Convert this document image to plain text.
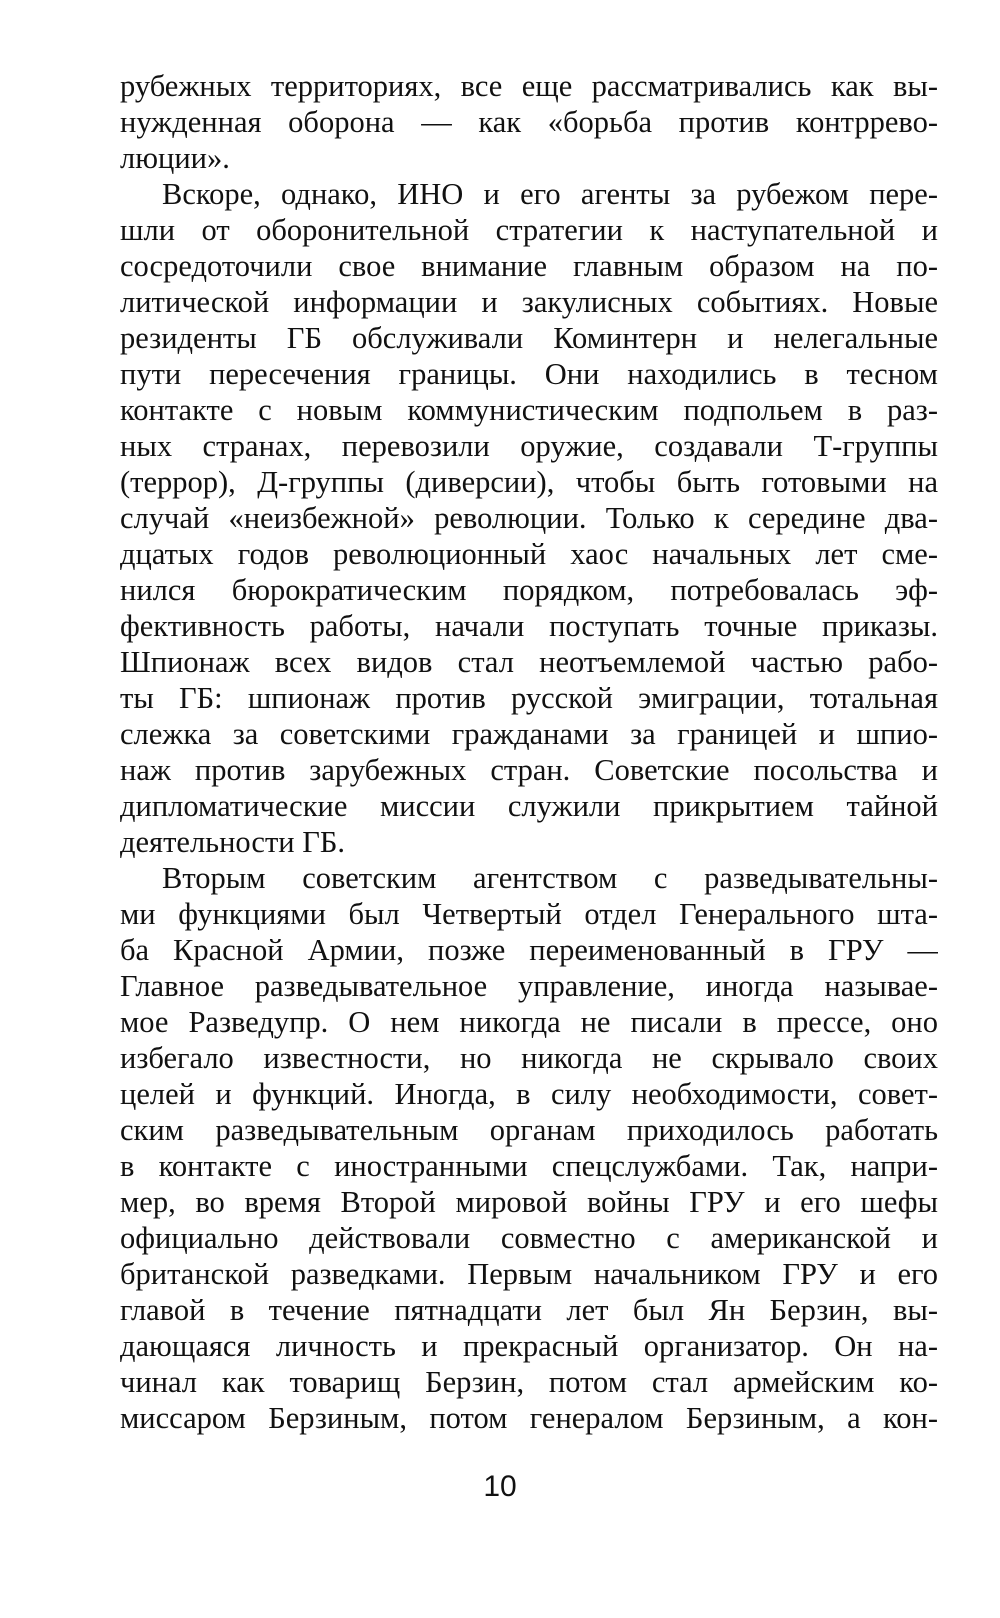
рубежных территориях, все еще рассматривались как вы-
нужденная оборона — как «борьба против контррево-
люции».
Вскоре, однако, ИНО и его агенты за рубежом пере-
шли от оборонительной стратегии к наступательной и
сосредоточили свое внимание главным образом на по-
литической информации и закулисных событиях. Новые
резиденты ГБ обслуживали Коминтерн и нелегальные
пути пересечения границы. Они находились в тесном
контакте с новым коммунистическим подпольем в раз-
ных странах, перевозили оружие, создавали Т-группы
(террор), Д-группы (диверсии), чтобы быть готовыми на
случай «неизбежной» революции. Только к середине два-
дцатых годов революционный хаос начальных лет сме-
нился бюрократическим порядком, потребовалась эф-
фективность работы, начали поступать точные приказы.
Шпионаж всех видов стал неотъемлемой частью рабо-
ты ГБ: шпионаж против русской эмиграции, тотальная
слежка за советскими гражданами за границей и шпио-
наж против зарубежных стран. Советские посольства и
дипломатические миссии служили прикрытием тайной
деятельности ГБ.
Вторым советским агентством с разведывательны-
ми функциями был Четвертый отдел Генерального шта-
ба Красной Армии, позже переименованный в ГРУ —
Главное разведывательное управление, иногда называе-
мое Разведупр. О нем никогда не писали в прессе, оно
избегало известности, но никогда не скрывало своих
целей и функций. Иногда, в силу необходимости, совет-
ским разведывательным органам приходилось работать
в контакте с иностранными спецслужбами. Так, напри-
мер, во время Второй мировой войны ГРУ и его шефы
официально действовали совместно с американской и
британской разведками. Первым начальником ГРУ и его
главой в течение пятнадцати лет был Ян Берзин, вы-
дающаяся личность и прекрасный организатор. Он на-
чинал как товарищ Берзин, потом стал армейским ко-
миссаром Берзиным, потом генералом Берзиным, а кон-
10
